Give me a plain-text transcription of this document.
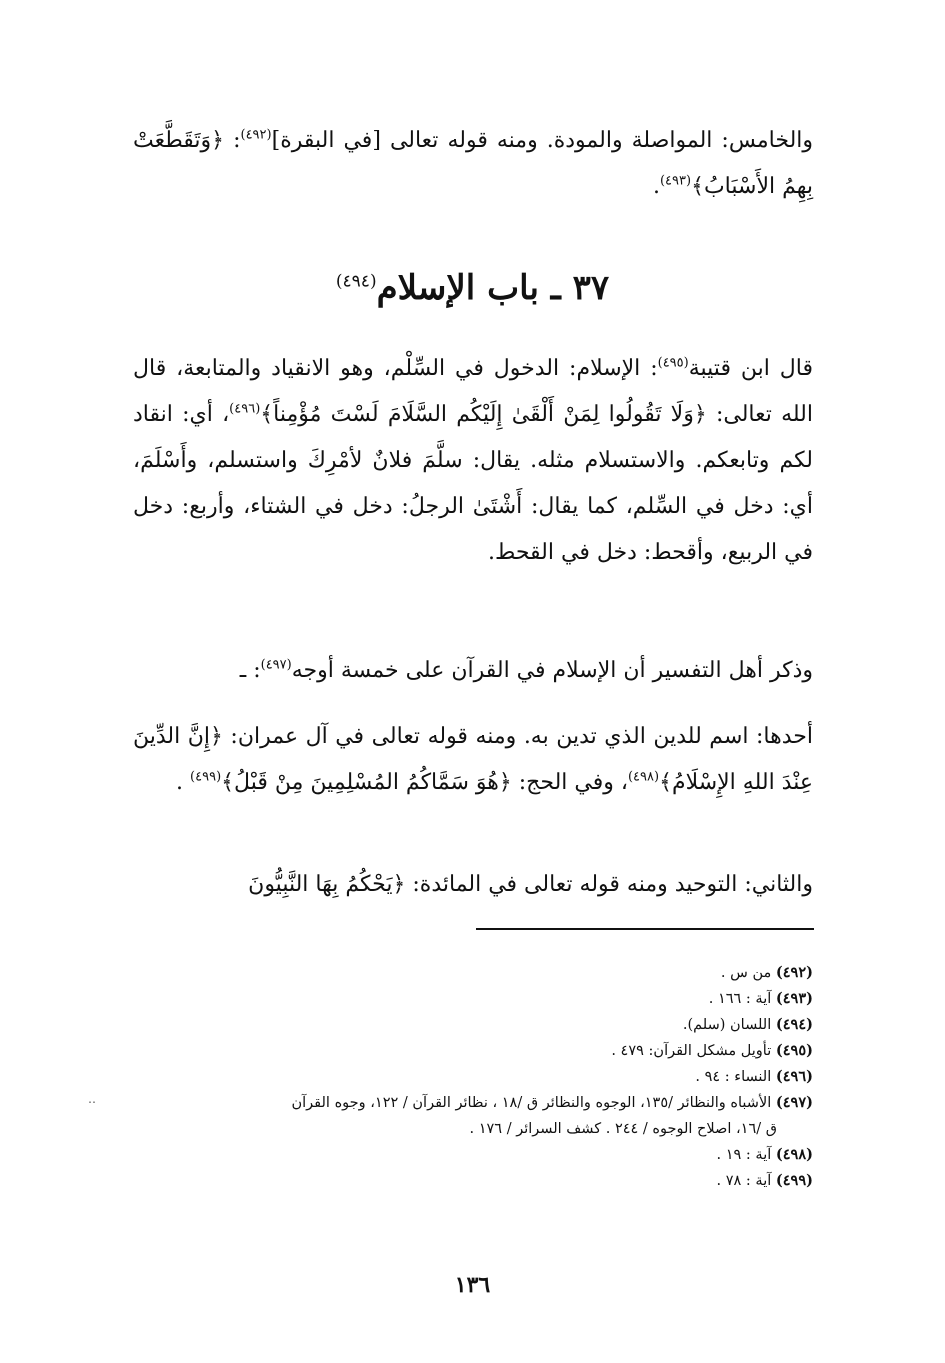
والخامس: المواصلة والمودة. ومنه قوله تعالى [في البقرة]$^{(٤٩٢)}$: ﴿وَتَقَطَّعَتْ بِهِمُ الأَسْبَابُ﴾$^{(٤٩٣)}$.

٣٧ ـ باب الإسلام$^{(٤٩٤)}$

قال ابن قتيبة$^{(٤٩٥)}$: الإسلام: الدخول في السِّلْم، وهو الانقياد والمتابعة، قال الله تعالى: ﴿وَلَا تَقُولُوا لِمَنْ أَلْقَىٰ إِلَيْكُم السَّلَامَ لَسْتَ مُؤْمِناً﴾$^{(٤٩٦)}$، أي: انقاد لكم وتابعكم. والاستسلام مثله. يقال: سلَّمَ فلانٌ لأمْرِكَ واستسلم، وأَسْلَمَ، أي: دخل في السِّلم، كما يقال: أَشْتَىٰ الرجلُ: دخل في الشتاء، وأربع: دخل في الربيع، وأقحط: دخل في القحط.

وذكر أهل التفسير أن الإسلام في القرآن على خمسة أوجه$^{(٤٩٧)}$: ـ

أحدها: اسم للدين الذي تدين به. ومنه قوله تعالى في آل عمران: ﴿إِنَّ الدِّينَ عِنْدَ اللهِ الإِسْلَامُ﴾$^{(٤٩٨)}$، وفي الحج: ﴿هُوَ سَمَّاكُمُ المُسْلِمِينَ مِنْ قَبْلُ﴾$^{(٤٩٩)}$ .

والثاني: التوحيد ومنه قوله تعالى في المائدة: ﴿يَحْكُمُ بِهَا النَّبِيُّونَ

(٤٩٢) من س .

(٤٩٣) آية : ١٦٦ .

(٤٩٤) اللسان (سلم).

(٤٩٥) تأويل مشكل القرآن: ٤٧٩ .

(٤٩٦) النساء : ٩٤ .

(٤٩٧) الأشباه والنظائر /١٣٥، الوجوه والنظائر ق /١٨ ، نظائر القرآن / ١٢٢، وجوه القرآن
ق /١٦، اصلاح الوجوه / ٢٤٤ . كشف السرائر / ١٧٦ .

(٤٩٨) آية : ١٩ .

(٤٩٩) آية : ٧٨ .

‥
١٣٦
